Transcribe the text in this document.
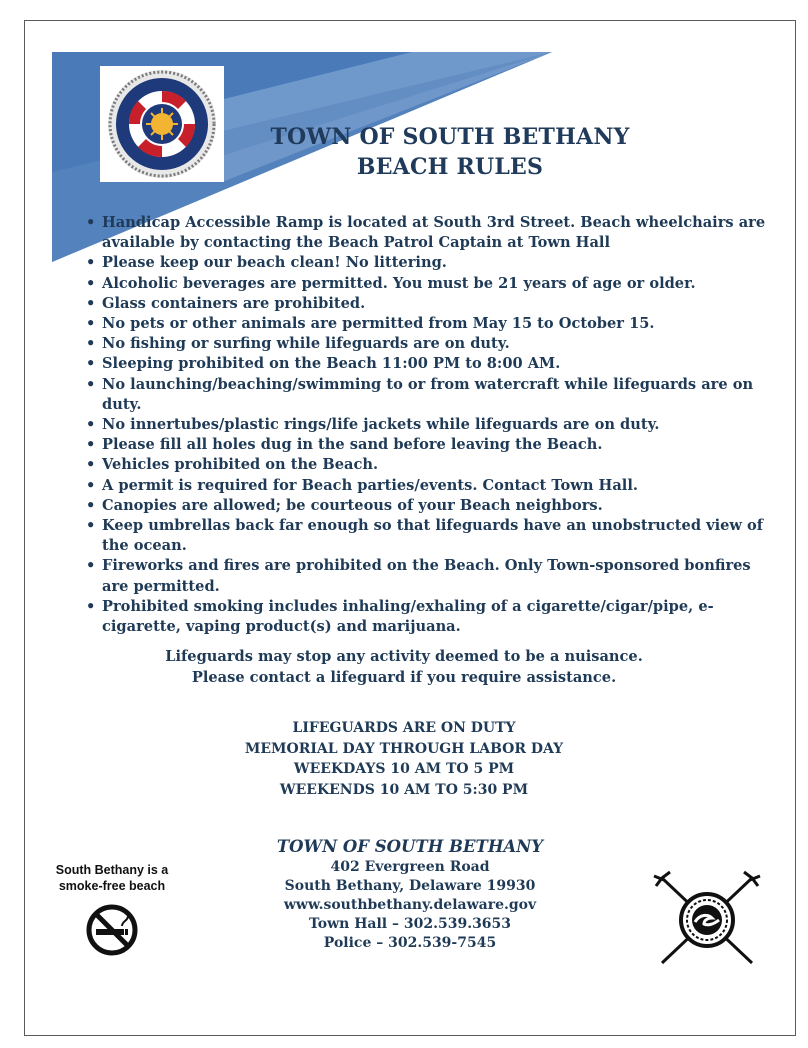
TOWN OF SOUTH BETHANY
BEACH RULES
• Handicap Accessible Ramp is located at South 3rd Street. Beach wheelchairs are available by contacting the Beach Patrol Captain at Town Hall
• Please keep our beach clean! No littering.
• Alcoholic beverages are permitted. You must be 21 years of age or older.
• Glass containers are prohibited.
• No pets or other animals are permitted from May 15 to October 15.
• No fishing or surfing while lifeguards are on duty.
• Sleeping prohibited on the Beach 11:00 PM to 8:00 AM.
• No launching/beaching/swimming to or from watercraft while lifeguards are on duty.
• No innertubes/plastic rings/life jackets while lifeguards are on duty.
• Please fill all holes dug in the sand before leaving the Beach.
• Vehicles prohibited on the Beach.
• A permit is required for Beach parties/events. Contact Town Hall.
• Canopies are allowed; be courteous of your Beach neighbors.
• Keep umbrellas back far enough so that lifeguards have an unobstructed view of the ocean.
• Fireworks and fires are prohibited on the Beach. Only Town-sponsored bonfires are permitted.
• Prohibited smoking includes inhaling/exhaling of a cigarette/cigar/pipe, e-cigarette, vaping product(s) and marijuana.
Lifeguards may stop any activity deemed to be a nuisance.
Please contact a lifeguard if you require assistance.
LIFEGUARDS ARE ON DUTY
MEMORIAL DAY THROUGH LABOR DAY
WEEKDAYS 10 AM TO 5 PM
WEEKENDS 10 AM TO 5:30 PM
TOWN OF SOUTH BETHANY
402 Evergreen Road
South Bethany, Delaware 19930
www.southbethany.delaware.gov
Town Hall – 302.539.3653
Police – 302.539-7545
South Bethany is a
smoke-free beach
